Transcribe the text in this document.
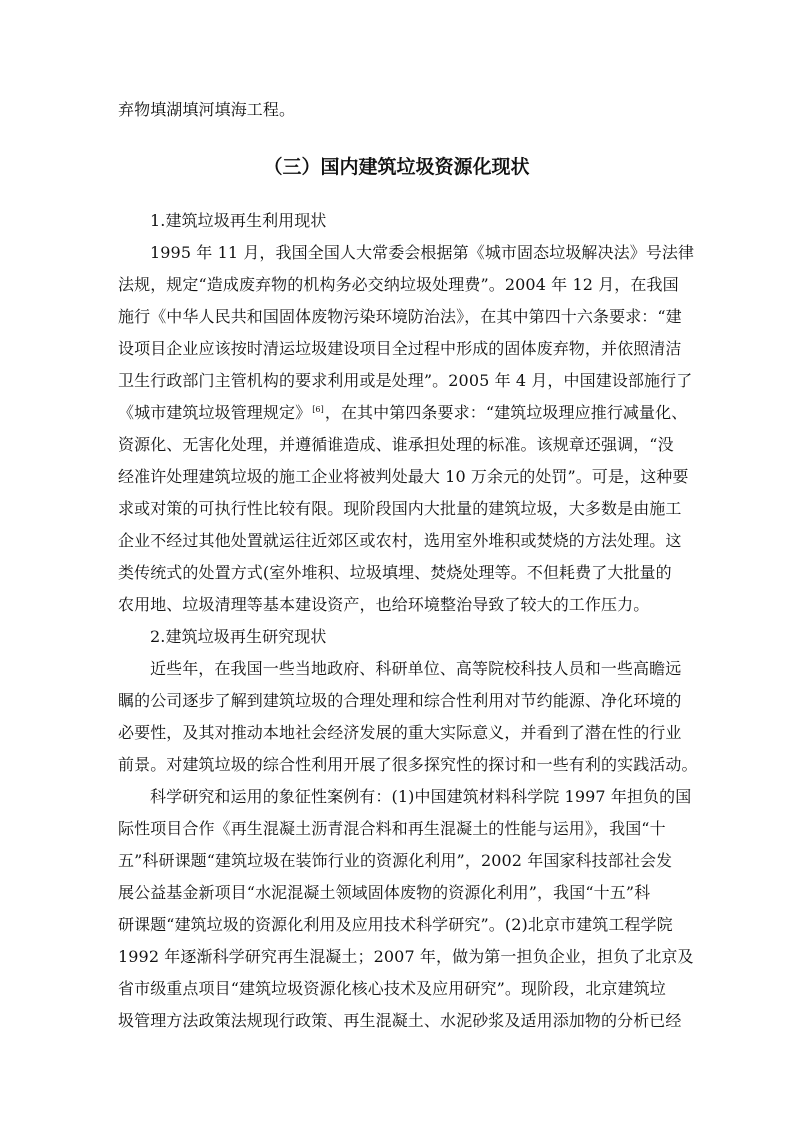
弃物填湖填河填海工程。
（三）国内建筑垃圾资源化现状
1.建筑垃圾再生利用现状
1995 年 11 月，我国全国人大常委会根据第《城市固态垃圾解决法》号法律
法规，规定“造成废弃物的机构务必交纳垃圾处理费”。2004 年 12 月，在我国
施行《中华人民共和国固体废物污染环境防治法》，在其中第四十六条要求：“建
设项目企业应该按时清运垃圾建设项目全过程中形成的固体废弃物，并依照清洁
卫生行政部门主管机构的要求利用或是处理”。2005 年 4 月，中国建设部施行了
《城市建筑垃圾管理规定》[6]，在其中第四条要求：“建筑垃圾理应推行减量化、
资源化、无害化处理，并遵循谁造成、谁承担处理的标准。该规章还强调，“没
经准许处理建筑垃圾的施工企业将被判处最大 10 万余元的处罚”。可是，这种要
求或对策的可执行性比较有限。现阶段国内大批量的建筑垃圾，大多数是由施工
企业不经过其他处置就运往近郊区或农村，选用室外堆积或焚烧的方法处理。这
类传统式的处置方式(室外堆积、垃圾填埋、焚烧处理等。不但耗费了大批量的
农用地、垃圾清理等基本建设资产，也给环境整治导致了较大的工作压力。
2.建筑垃圾再生研究现状
近些年，在我国一些当地政府、科研单位、高等院校科技人员和一些高瞻远
瞩的公司逐步了解到建筑垃圾的合理处理和综合性利用对节约能源、净化环境的
必要性，及其对推动本地社会经济发展的重大实际意义，并看到了潜在性的行业
前景。对建筑垃圾的综合性利用开展了很多探究性的探讨和一些有利的实践活动。
科学研究和运用的象征性案例有：(1)中国建筑材料科学院 1997 年担负的国
际性项目合作《再生混凝土沥青混合料和再生混凝土的性能与运用》，我国“十
五”科研课题“建筑垃圾在装饰行业的资源化利用”，2002 年国家科技部社会发
展公益基金新项目“水泥混凝土领域固体废物的资源化利用”，我国“十五”科
研课题“建筑垃圾的资源化利用及应用技术科学研究”。(2)北京市建筑工程学院
1992 年逐渐科学研究再生混凝土；2007 年，做为第一担负企业，担负了北京及
省市级重点项目“建筑垃圾资源化核心技术及应用研究”。现阶段，北京建筑垃
圾管理方法政策法规现行政策、再生混凝土、水泥砂浆及适用添加物的分析已经
